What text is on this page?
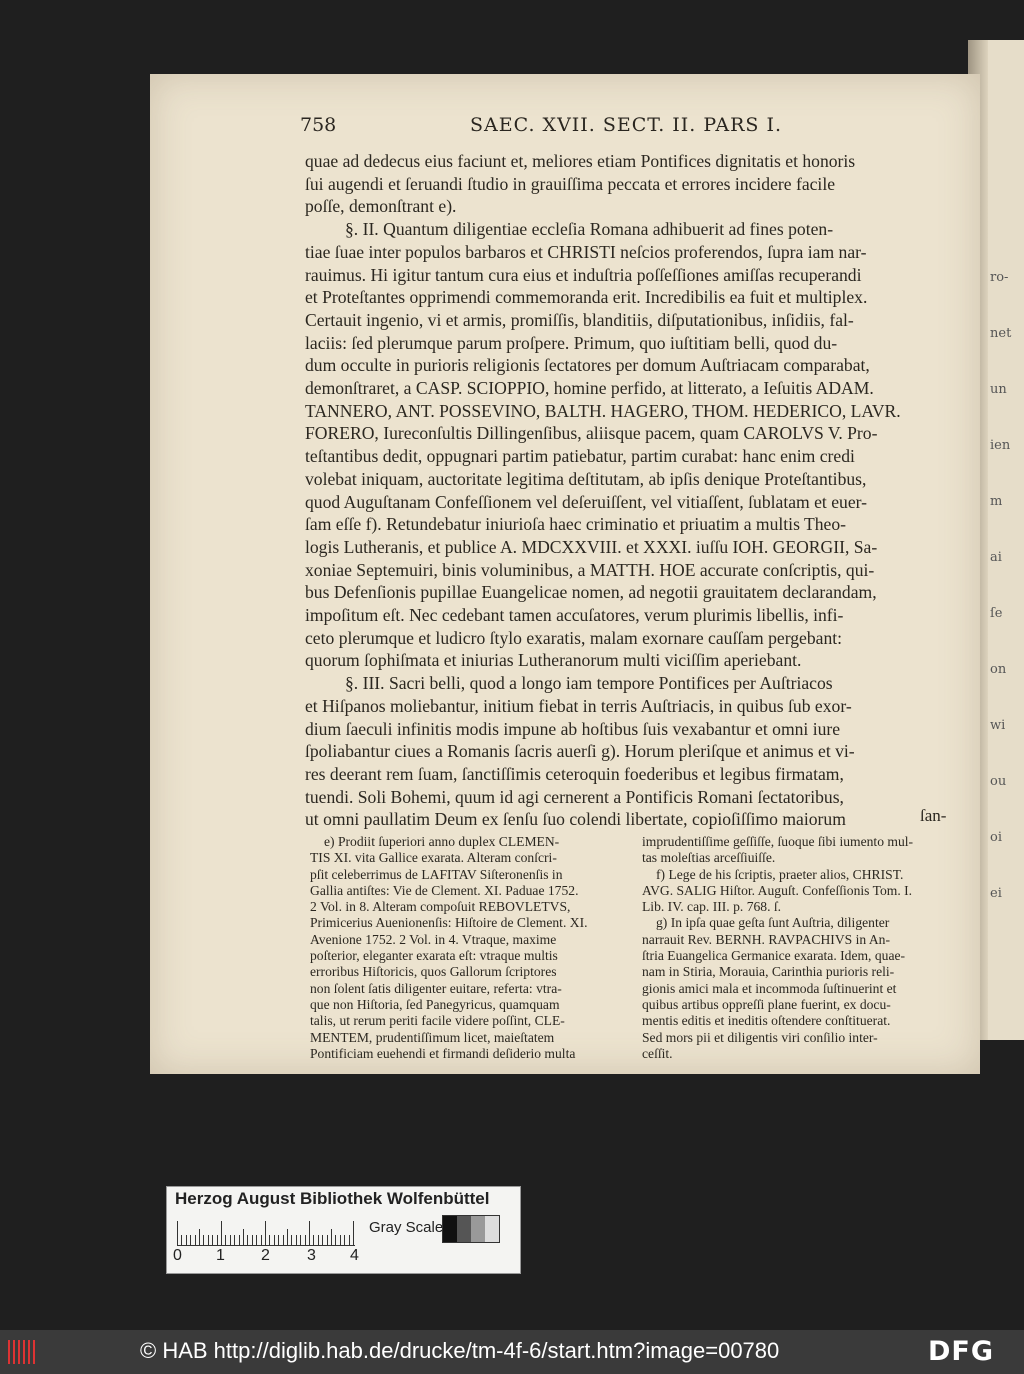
ro-
net
un
ien
m
ai
ſe
on
wi
ou
oi
ei
758	SAEC. XVII. SECT. II. PARS I.

quae ad dedecus eius faciunt et, meliores etiam Pontifices dignitatis et honoris

ſui augendi et ſeruandi ſtudio in grauiſſima peccata et errores incidere facile

poſſe, demonſtrant e).

§. II. Quantum diligentiae eccleſia Romana adhibuerit ad fines poten-

tiae ſuae inter populos barbaros et CHRISTI neſcios proferendos, ſupra iam nar-

rauimus. Hi igitur tantum cura eius et induſtria poſſeſſiones amiſſas recuperandi

et Proteſtantes opprimendi commemoranda erit. Incredibilis ea fuit et multiplex.

Certauit ingenio, vi et armis, promiſſis, blanditiis, diſputationibus, inſidiis, fal-

laciis: ſed plerumque parum proſpere. Primum, quo iuſtitiam belli, quod du-

dum occulte in purioris religionis ſectatores per domum Auſtriacam comparabat,

demonſtraret, a CASP. SCIOPPIO, homine perfido, at litterato, a Ieſuitis ADAM.

TANNERO, ANT. POSSEVINO, BALTH. HAGERO, THOM. HEDERICO, LAVR.

FORERO, Iureconſultis Dillingenſibus, aliisque pacem, quam CAROLVS V. Pro-

teſtantibus dedit, oppugnari partim patiebatur, partim curabat: hanc enim credi

volebat iniquam, auctoritate legitima deſtitutam, ab ipſis denique Proteſtantibus,

quod Auguſtanam Confeſſionem vel deſeruiſſent, vel vitiaſſent, ſublatam et euer-

ſam eſſe f). Retundebatur iniurioſa haec criminatio et priuatim a multis Theo-

logis Lutheranis, et publice A. MDCXXVIII. et XXXI. iuſſu IOH. GEORGII, Sa-

xoniae Septemuiri, binis voluminibus, a MATTH. HOE accurate conſcriptis, qui-

bus Defenſionis pupillae Euangelicae nomen, ad negotii grauitatem declarandam,

impoſitum eſt. Nec cedebant tamen accuſatores, verum plurimis libellis, infi-

ceto plerumque et ludicro ſtylo exaratis, malam exornare cauſſam pergebant:

quorum ſophiſmata et iniurias Lutheranorum multi viciſſim aperiebant.

§. III. Sacri belli, quod a longo iam tempore Pontifices per Auſtriacos

et Hiſpanos moliebantur, initium fiebat in terris Auſtriacis, in quibus ſub exor-

dium ſaeculi infinitis modis impune ab hoſtibus ſuis vexabantur et omni iure

ſpoliabantur ciues a Romanis ſacris auerſi g). Horum pleriſque et animus et vi-

res deerant rem ſuam, ſanctiſſimis ceteroquin foederibus et legibus firmatam,

tuendi. Soli Bohemi, quum id agi cernerent a Pontificis Romani ſectatoribus,

ut omni paullatim Deum ex ſenſu ſuo colendi libertate, copioſiſſimo maiorum	ſan-

e) Prodiit ſuperiori anno duplex CLEMEN-

TIS XI. vita Gallice exarata. Alteram conſcri-

pſit celeberrimus de LAFITAV Siſteronenſis in

Gallia antiſtes: Vie de Clement. XI. Paduae 1752.

2 Vol. in 8. Alteram compoſuit REBOVLETVS,

Primicerius Auenionenſis: Hiſtoire de Clement. XI.

Avenione 1752. 2 Vol. in 4. Vtraque, maxime

poſterior, eleganter exarata eſt: vtraque multis

erroribus Hiſtoricis, quos Gallorum ſcriptores

non ſolent ſatis diligenter euitare, referta: vtra-

que non Hiſtoria, ſed Panegyricus, quamquam

talis, ut rerum periti facile videre poſſint, CLE-

MENTEM, prudentiſſimum licet, maieſtatem

Pontificiam euehendi et firmandi deſiderio multa

imprudentiſſime geſſiſſe, ſuoque ſibi iumento mul-

tas moleſtias arceſſiuiſſe.

f) Lege de his ſcriptis, praeter alios, CHRIST.

AVG. SALIG Hiſtor. Auguſt. Confeſſionis Tom. I.

Lib. IV. cap. III. p. 768. ſ.

g) In ipſa quae geſta ſunt Auſtria, diligenter

narrauit Rev. BERNH. RAVPACHIVS in An-

ſtria Euangelica Germanice exarata. Idem, quae-

nam in Stiria, Morauia, Carinthia purioris reli-

gionis amici mala et incommoda ſuſtinuerint et

quibus artibus oppreſſi plane fuerint, ex docu-

mentis editis et ineditis oſtendere conſtituerat.

Sed mors pii et diligentis viri conſilio inter-

ceſſit.

Herzog August Bibliothek Wolfenbüttel
0 1 2 3 4
Gray Scale
© HAB http://diglib.hab.de/drucke/tm-4f-6/start.htm?image=00780	DFG
